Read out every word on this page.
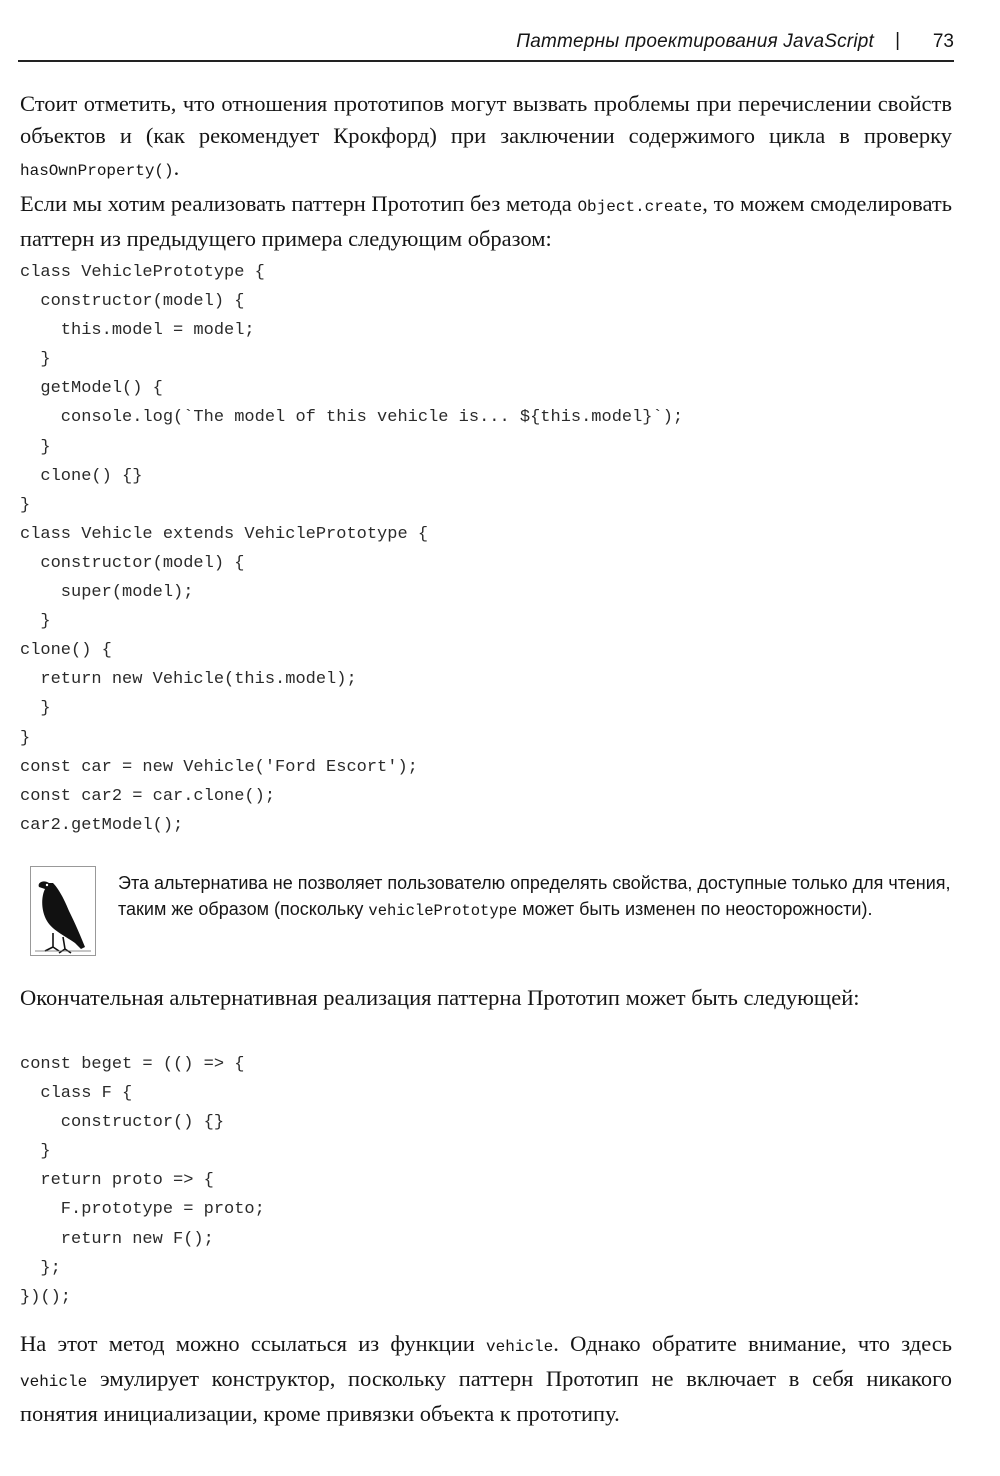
Паттерны проектирования JavaScript | 73

Стоит отметить, что отношения прототипов могут вызвать проблемы при перечислении свойств объектов и (как рекомендует Крокфорд) при заключении содержимого цикла в проверку hasOwnProperty().

Если мы хотим реализовать паттерн Прототип без метода Object.create, то можем смоделировать паттерн из предыдущего примера следующим образом:

class VehiclePrototype {
constructor(model) {
this.model = model;
}
getModel() {
console.log(`The model of this vehicle is... ${this.model}`);
}
clone() {}
}
class Vehicle extends VehiclePrototype {
constructor(model) {
super(model);
}
clone() {
return new Vehicle(this.model);
}
}
const car = new Vehicle('Ford Escort');
const car2 = car.clone();
car2.getModel();

Эта альтернатива не позволяет пользователю определять свойства, доступные только для чтения, таким же образом (поскольку vehiclePrototype может быть изменен по неосторожности).

Окончательная альтернативная реализация паттерна Прототип может быть следующей:

const beget = (() => {
class F {
constructor() {}
}
return proto => {
F.prototype = proto;
return new F();
};
})();

На этот метод можно ссылаться из функции vehicle. Однако обратите внимание, что здесь vehicle эмулирует конструктор, поскольку паттерн Прототип не включает в себя никакого понятия инициализации, кроме привязки объекта к прототипу.
